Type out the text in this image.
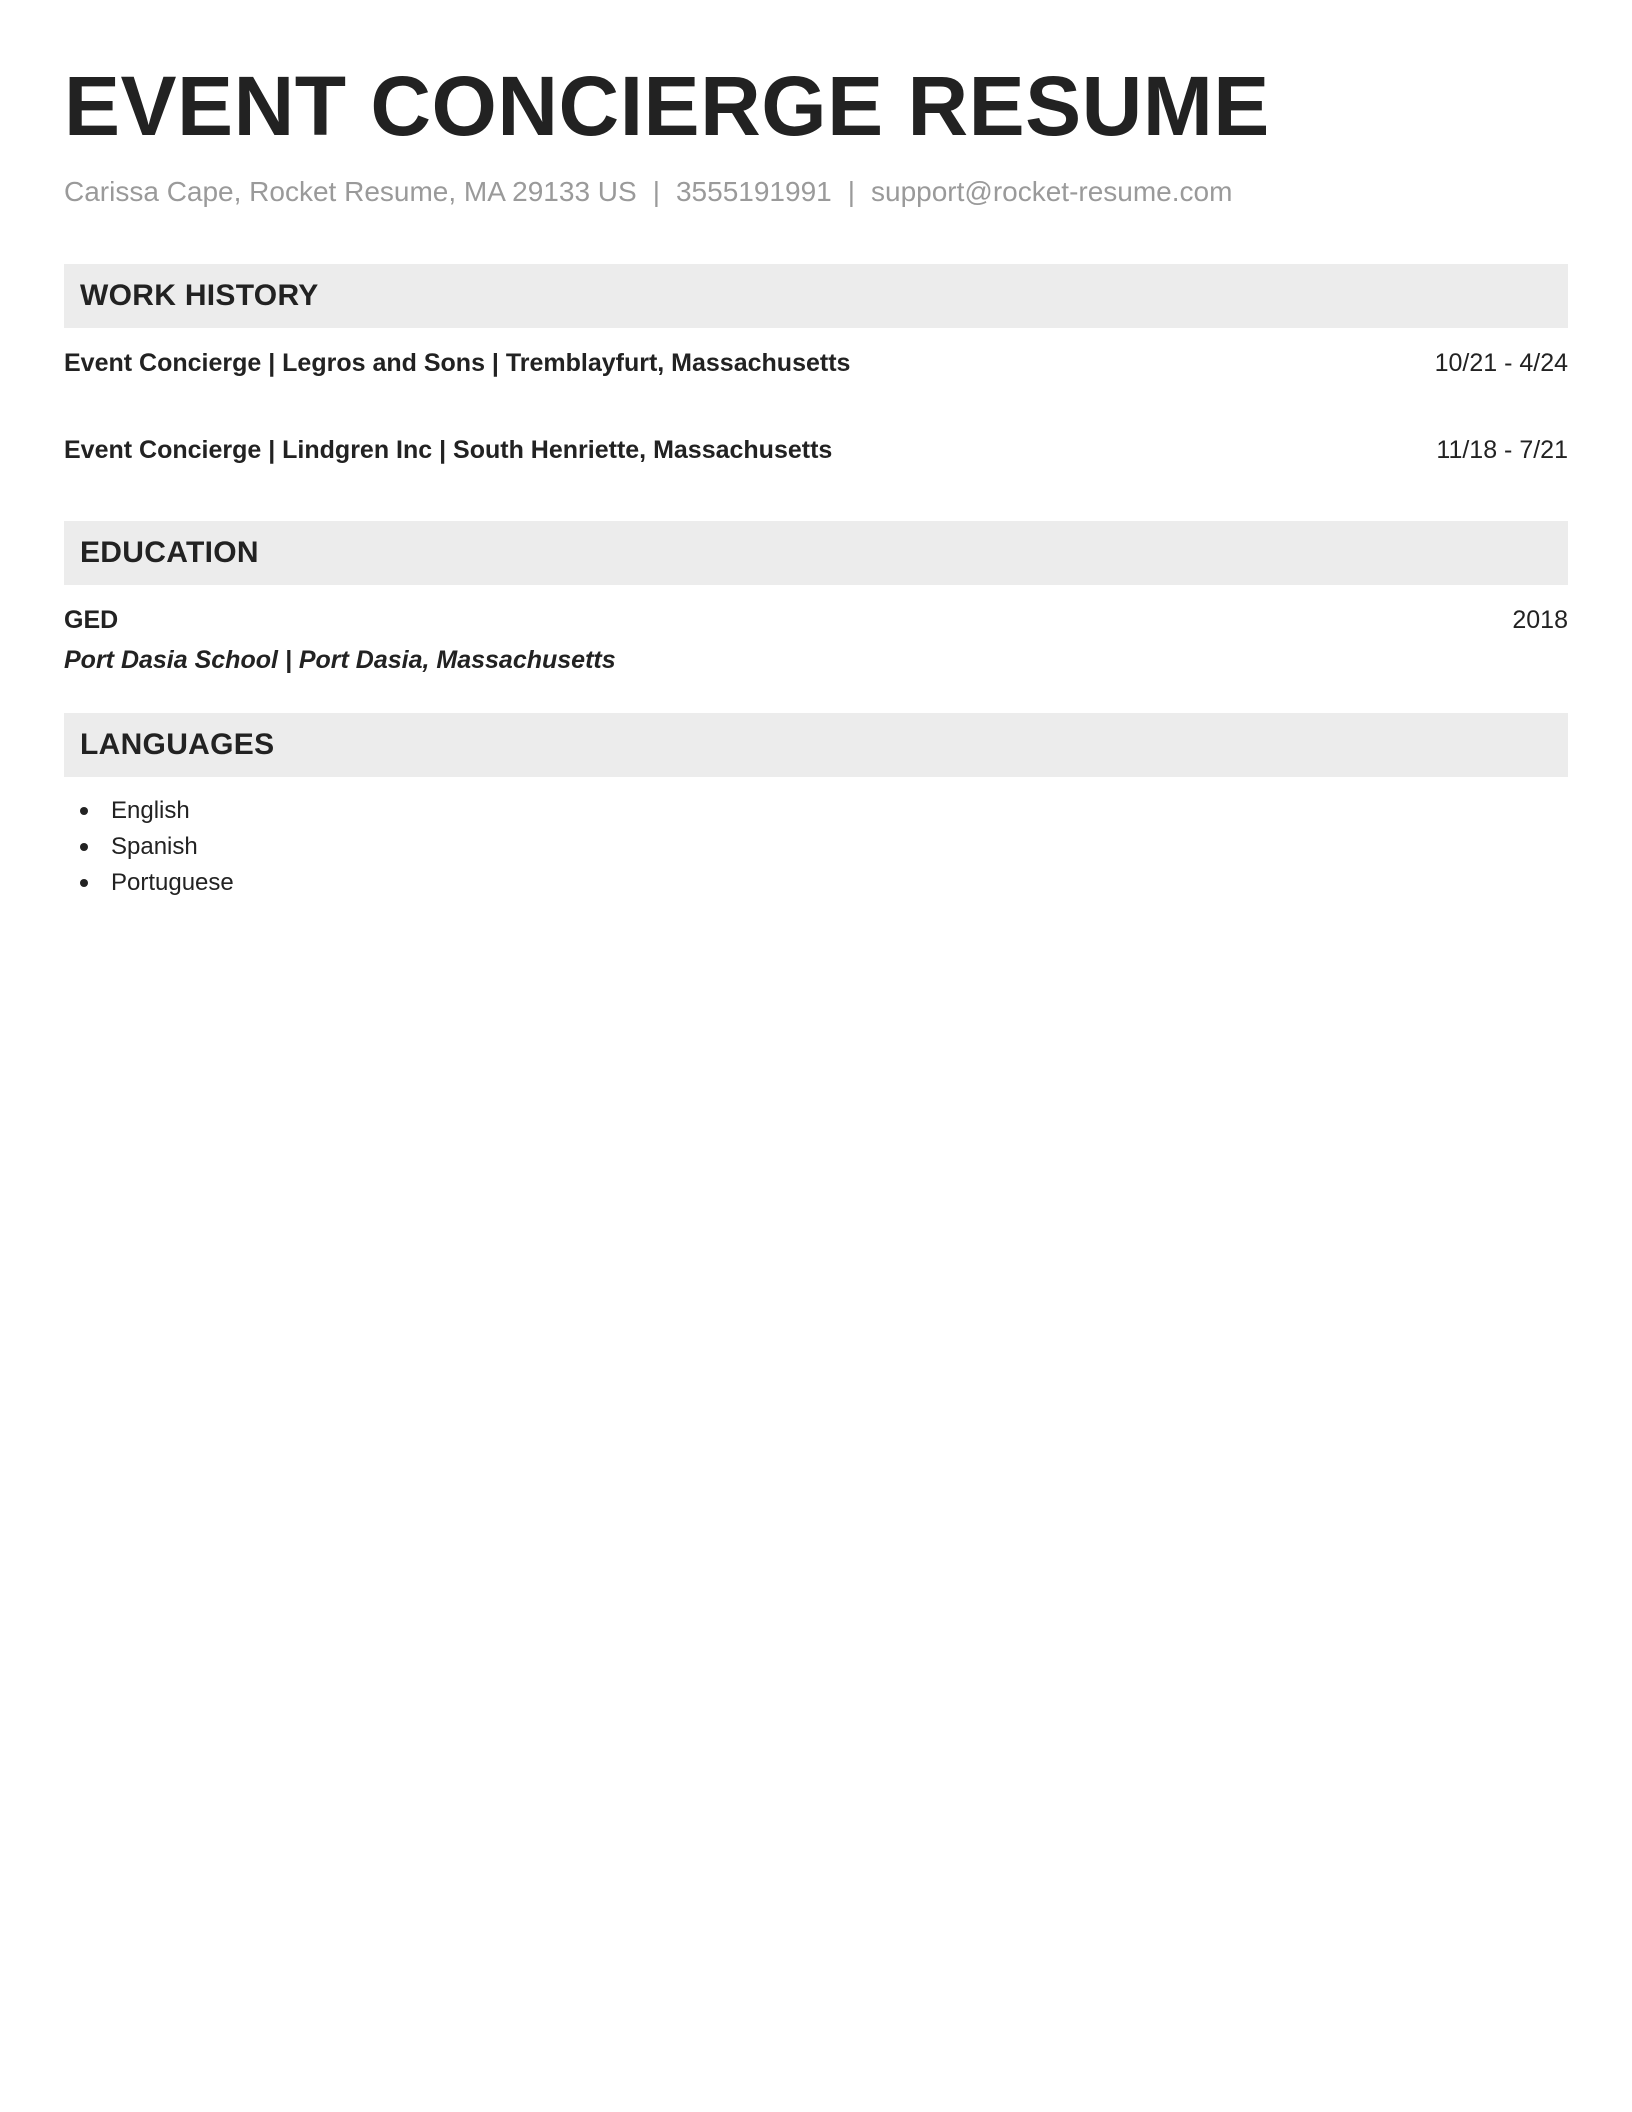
EVENT CONCIERGE RESUME
Carissa Cape, Rocket Resume, MA 29133 US | 3555191991 | support@rocket-resume.com
WORK HISTORY
Event Concierge | Legros and Sons | Tremblayfurt, Massachusetts	10/21 - 4/24
Event Concierge | Lindgren Inc | South Henriette, Massachusetts	11/18 - 7/21
EDUCATION
GED	2018
Port Dasia School | Port Dasia, Massachusetts
LANGUAGES
English
Spanish
Portuguese
